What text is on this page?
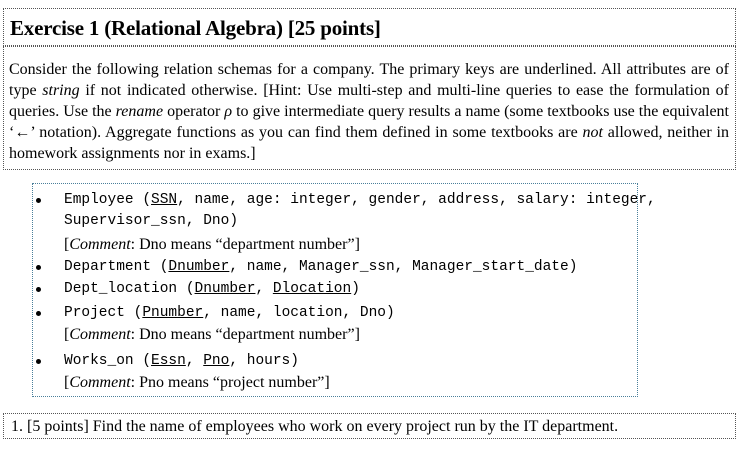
Exercise 1 (Relational Algebra) [25 points]

Consider the following relation schemas for a company. The primary keys are underlined. All attributes are of type string if not indicated otherwise. [Hint: Use multi-step and multi-line queries to ease the formulation of queries. Use the rename operator ρ to give intermediate query results a name (some textbooks use the equivalent ‘←’ notation). Aggregate functions as you can find them defined in some textbooks are not allowed, neither in homework assignments nor in exams.]

Employee (SSN, name, age: integer, gender, address, salary: integer,
Supervisor_ssn, Dno)
[Comment: Dno means “department number”]
Department (Dnumber, name, Manager_ssn, Manager_start_date)
Dept_location (Dnumber, Dlocation)
Project (Pnumber, name, location, Dno)
[Comment: Dno means “department number”]
Works_on (Essn, Pno, hours)
[Comment: Pno means “project number”]

1. [5 points] Find the name of employees who work on every project run by the IT department.
